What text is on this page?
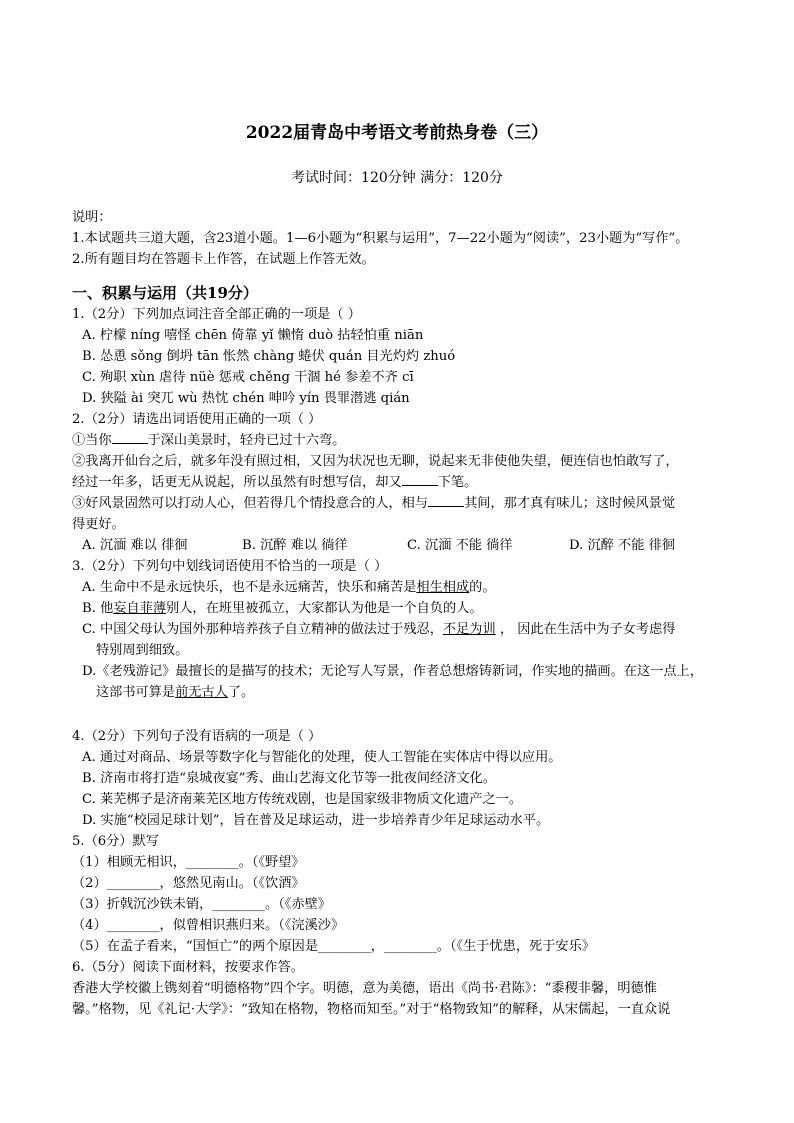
2022届青岛中考语文考前热身卷（三）
考试时间：120分钟 满分：120分
说明：
1.本试题共三道大题，含23道小题。1—6小题为“积累与运用”，7—22小题为“阅读”，23小题为“写作”。
2.所有题目均在答题卡上作答，在试题上作答无效。
一、积累与运用（共19分）
1.（2分）下列加点词注音全部正确的一项是（ ）
A. 柠檬 níng 嘻怪 chēn 倚靠 yǐ 懒惰 duò 拈轻怕重 niān
B. 怂恿 sǒng 倒坍 tān 怅然 chàng 蜷伏 quán 目光灼灼 zhuó
C. 殉职 xùn 虐待 nüè 惩戒 chěng 干涸 hé 参差不齐 cī
D. 狭隘 ài 突兀 wù 热忱 chén 呻吟 yín 畏罪潜逃 qián
2.（2分）请选出词语使用正确的一项（ ）
①当你	于深山美景时，轻舟已过十六弯。
②我离开仙台之后，就多年没有照过相，又因为状况也无聊，说起来无非使他失望，便连信也怕敢写了，
经过一年多，话更无从说起，所以虽然有时想写信，却又	下笔。
③好风景固然可以打动人心，但若得几个情投意合的人，相与	其间，那才真有味儿；这时候风景觉
得更好。
A. 沉湎 难以 徘徊	B. 沉醉 难以 徜徉	C. 沉湎 不能 徜徉	D. 沉醉 不能 徘徊
3.（2分）下列句中划线词语使用不恰当的一项是（ ）
A. 生命中不是永远快乐，也不是永远痛苦，快乐和痛苦是相生相成的。
B. 他妄自菲薄别人，在班里被孤立，大家都认为他是一个自负的人。
C. 中国父母认为国外那种培养孩子自立精神的做法过于残忍，不足为训 ， 因此在生活中为子女考虑得
特别周到细致。
D.《老残游记》最擅长的是描写的技术；无论写人写景，作者总想熔铸新词，作实地的描画。在这一点上，
这部书可算是前无古人了。
4.（2分）下列句子没有语病的一项是（ ）
A. 通过对商品、场景等数字化与智能化的处理，使人工智能在实体店中得以应用。
B. 济南市将打造“泉城夜宴”秀、曲山艺海文化节等一批夜间经济文化。
C. 莱芜梆子是济南莱芜区地方传统戏剧，也是国家级非物质文化遗产之一。
D. 实施“校园足球计划”，旨在普及足球运动，进一步培养青少年足球运动水平。
5.（6分）默写
（1）相顾无相识，________。（《野望》
（2）________，悠然见南山。（《饮酒》
（3）折戟沉沙铁未销，________。（《赤壁》
（4）________，似曾相识燕归来。（《浣溪沙》
（5）在孟子看来，“国恒亡”的两个原因是________，________。（《生于忧患，死于安乐》
6.（5分）阅读下面材料，按要求作答。
香港大学校徽上镌刻着“明德格物”四个字。明德，意为美德，语出《尚书·君陈》：“黍稷非馨，明德惟
馨。”格物，见《礼记·大学》：“致知在格物，物格而知至。”对于“格物致知”的解释，从宋儒起，一直众说
